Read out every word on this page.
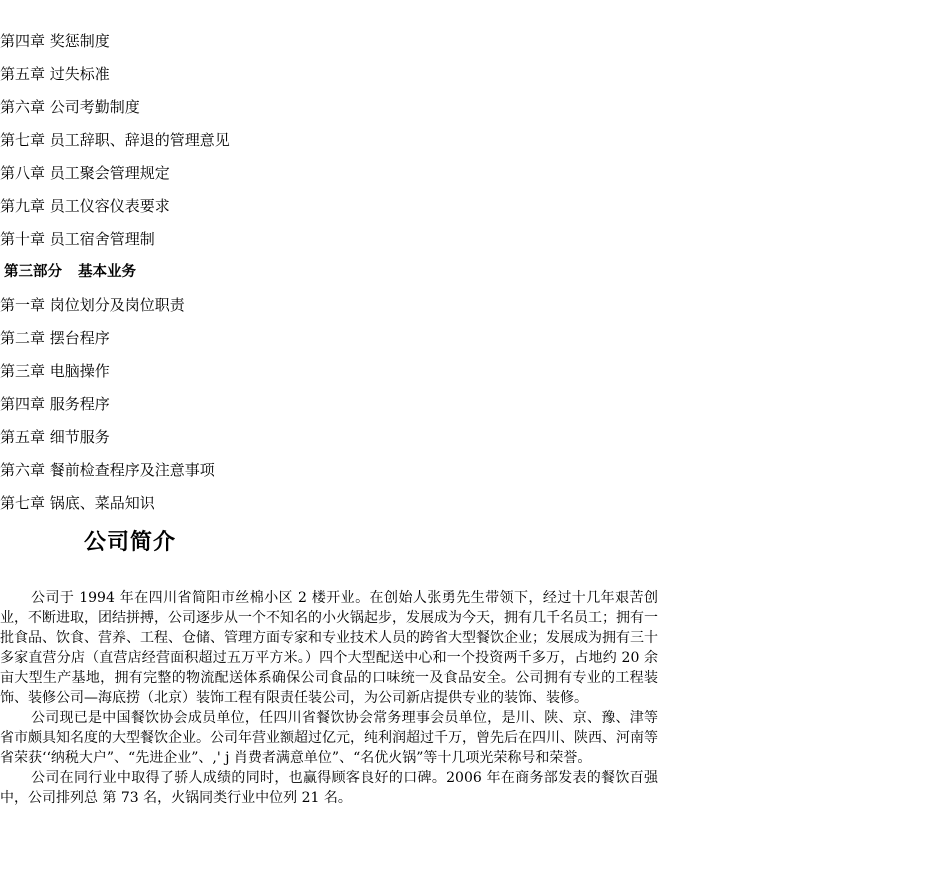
第四章 奖惩制度
第五章 过失标准
第六章 公司考勤制度
第七章 员工辞职、辞退的管理意见
第八章 员工聚会管理规定
第九章 员工仪容仪表要求
第十章 员工宿舍管理制
第三部分 基本业务
第一章 岗位划分及岗位职责
第二章 摆台程序
第三章 电脑操作
第四章 服务程序
第五章 细节服务
第六章 餐前检查程序及注意事项
第七章 锅底、菜品知识
公司简介

公司于 1994 年在四川省简阳市丝棉小区 2 楼开业。在创始人张勇先生带领下，经过十几年艰苦创业，不断进取，团结拼搏，公司逐步从一个不知名的小火锅起步，发展成为今天，拥有几千名员工；拥有一批食品、饮食、营养、工程、仓储、管理方面专家和专业技术人员的跨省大型餐饮企业；发展成为拥有三十多家直营分店（直营店经营面积超过五万平方米。）四个大型配送中心和一个投资两千多万，占地约 20 余亩大型生产基地，拥有完整的物流配送体系确保公司食品的口味统一及食品安全。公司拥有专业的工程装饰、装修公司—海底捞（北京）装饰工程有限责任装公司，为公司新店提供专业的装饰、装修。

公司现已是中国餐饮协会成员单位，任四川省餐饮协会常务理事会员单位，是川、陕、京、豫、津等省市颇具知名度的大型餐饮企业。公司年营业额超过亿元，纯利润超过千万，曾先后在四川、陕西、河南等省荣获‘‘纳税大户”、“先进企业”、,' j 肖费者满意单位”、“名优火锅”等十几项光荣称号和荣誉。

公司在同行业中取得了骄人成绩的同时，也赢得顾客良好的口碑。2006 年在商务部发表的餐饮百强中，公司排列总 第 73 名，火锅同类行业中位列 21 名。
